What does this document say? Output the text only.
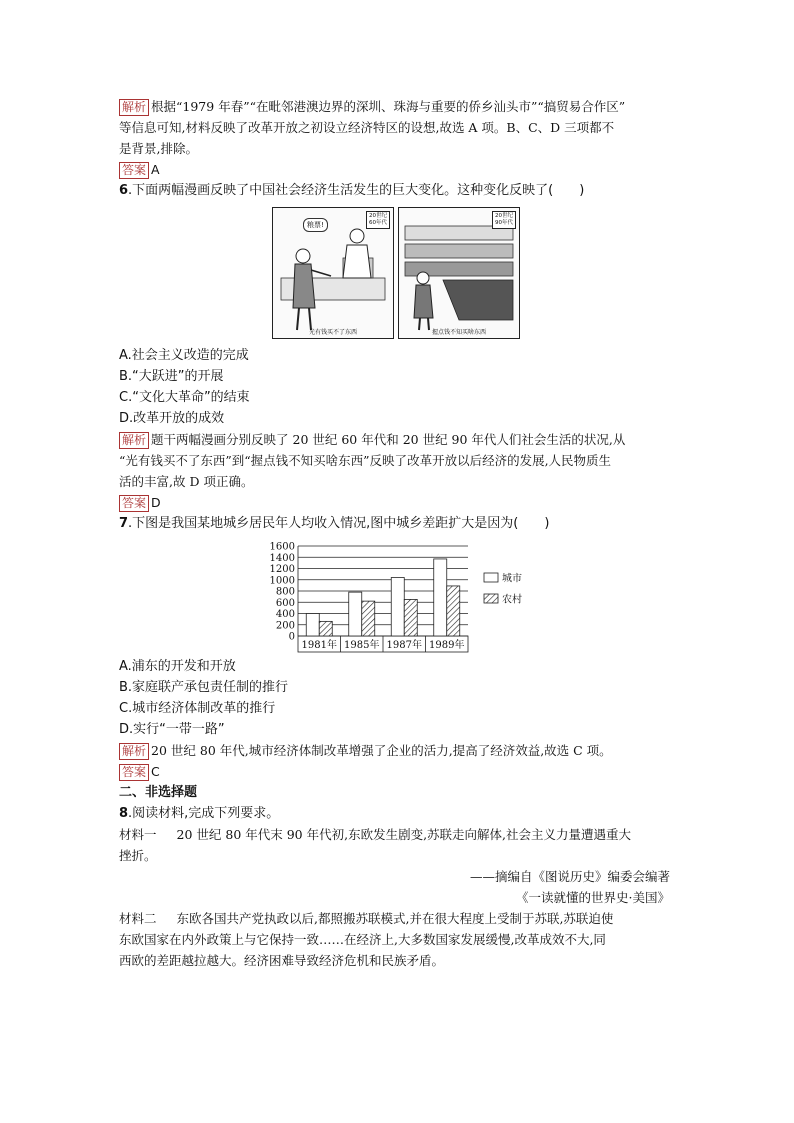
解析 根据“1979 年春”“在毗邻港澳边界的深圳、珠海与重要的侨乡汕头市”“搞贸易合作区”
等信息可知,材料反映了改革开放之初设立经济特区的设想,故选 A 项。B、C、D 三项都不
是背景,排除。
答案 A
6.下面两幅漫画反映了中国社会经济生活发生的巨大变化。这种变化反映了(　　)
粮票!
20世纪60年代
光有钱买不了东西
20世纪90年代
握点钱不知买啥东西
A.社会主义改造的完成
B.“大跃进”的开展
C.“文化大革命”的结束
D.改革开放的成效
解析 题干两幅漫画分别反映了 20 世纪 60 年代和 20 世纪 90 年代人们社会生活的状况,从
“光有钱买不了东西”到“握点钱不知买啥东西”反映了改革开放以后经济的发展,人民物质生
活的丰富,故 D 项正确。
答案 D
7.下图是我国某地城乡居民年人均收入情况,图中城乡差距扩大是因为(　　)
0
200
400
600
800
1000
1200
1400
1600
1981年 1985年 1987年 1989年
城市
农村
A.浦东的开发和开放
B.家庭联产承包责任制的推行
C.城市经济体制改革的推行
D.实行“一带一路”
解析 20 世纪 80 年代,城市经济体制改革增强了企业的活力,提高了经济效益,故选 C 项。
答案 C
二、非选择题
8.阅读材料,完成下列要求。
材料一 20 世纪 80 年代末 90 年代初,东欧发生剧变,苏联走向解体,社会主义力量遭遇重大
挫折。
——摘编自《图说历史》编委会编著
《一读就懂的世界史·美国》
材料二 东欧各国共产党执政以后,都照搬苏联模式,并在很大程度上受制于苏联,苏联迫使
东欧国家在内外政策上与它保持一致……在经济上,大多数国家发展缓慢,改革成效不大,同
西欧的差距越拉越大。经济困难导致经济危机和民族矛盾。
